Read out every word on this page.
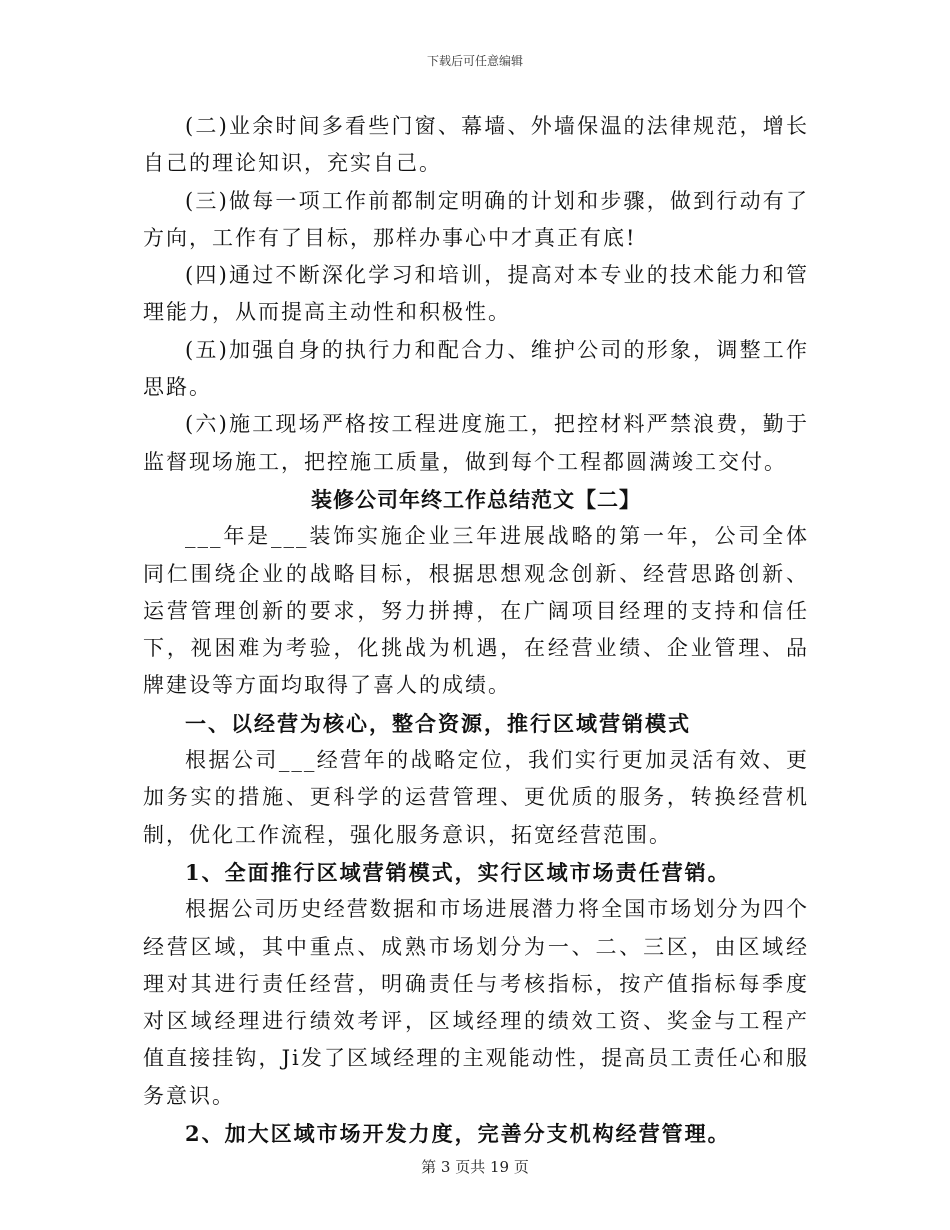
下载后可任意编辑

(二)业余时间多看些门窗、幕墙、外墙保温的法律规范，增长自己的理论知识，充实自己。

(三)做每一项工作前都制定明确的计划和步骤，做到行动有了方向，工作有了目标，那样办事心中才真正有底!

(四)通过不断深化学习和培训，提高对本专业的技术能力和管理能力，从而提高主动性和积极性。

(五)加强自身的执行力和配合力、维护公司的形象，调整工作思路。

(六)施工现场严格按工程进度施工，把控材料严禁浪费，勤于监督现场施工，把控施工质量，做到每个工程都圆满竣工交付。

装修公司年终工作总结范文【二】

___年是___装饰实施企业三年进展战略的第一年，公司全体同仁围绕企业的战略目标，根据思想观念创新、经营思路创新、运营管理创新的要求，努力拼搏，在广阔项目经理的支持和信任下，视困难为考验，化挑战为机遇，在经营业绩、企业管理、品牌建设等方面均取得了喜人的成绩。

一、以经营为核心，整合资源，推行区域营销模式

根据公司___经营年的战略定位，我们实行更加灵活有效、更加务实的措施、更科学的运营管理、更优质的服务，转换经营机制，优化工作流程，强化服务意识，拓宽经营范围。

1、全面推行区域营销模式，实行区域市场责任营销。

根据公司历史经营数据和市场进展潜力将全国市场划分为四个经营区域，其中重点、成熟市场划分为一、二、三区，由区域经理对其进行责任经营，明确责任与考核指标，按产值指标每季度对区域经理进行绩效考评，区域经理的绩效工资、奖金与工程产值直接挂钩，Ji发了区域经理的主观能动性，提高员工责任心和服务意识。

2、加大区域市场开发力度，完善分支机构经营管理。

第 3 页共 19 页
